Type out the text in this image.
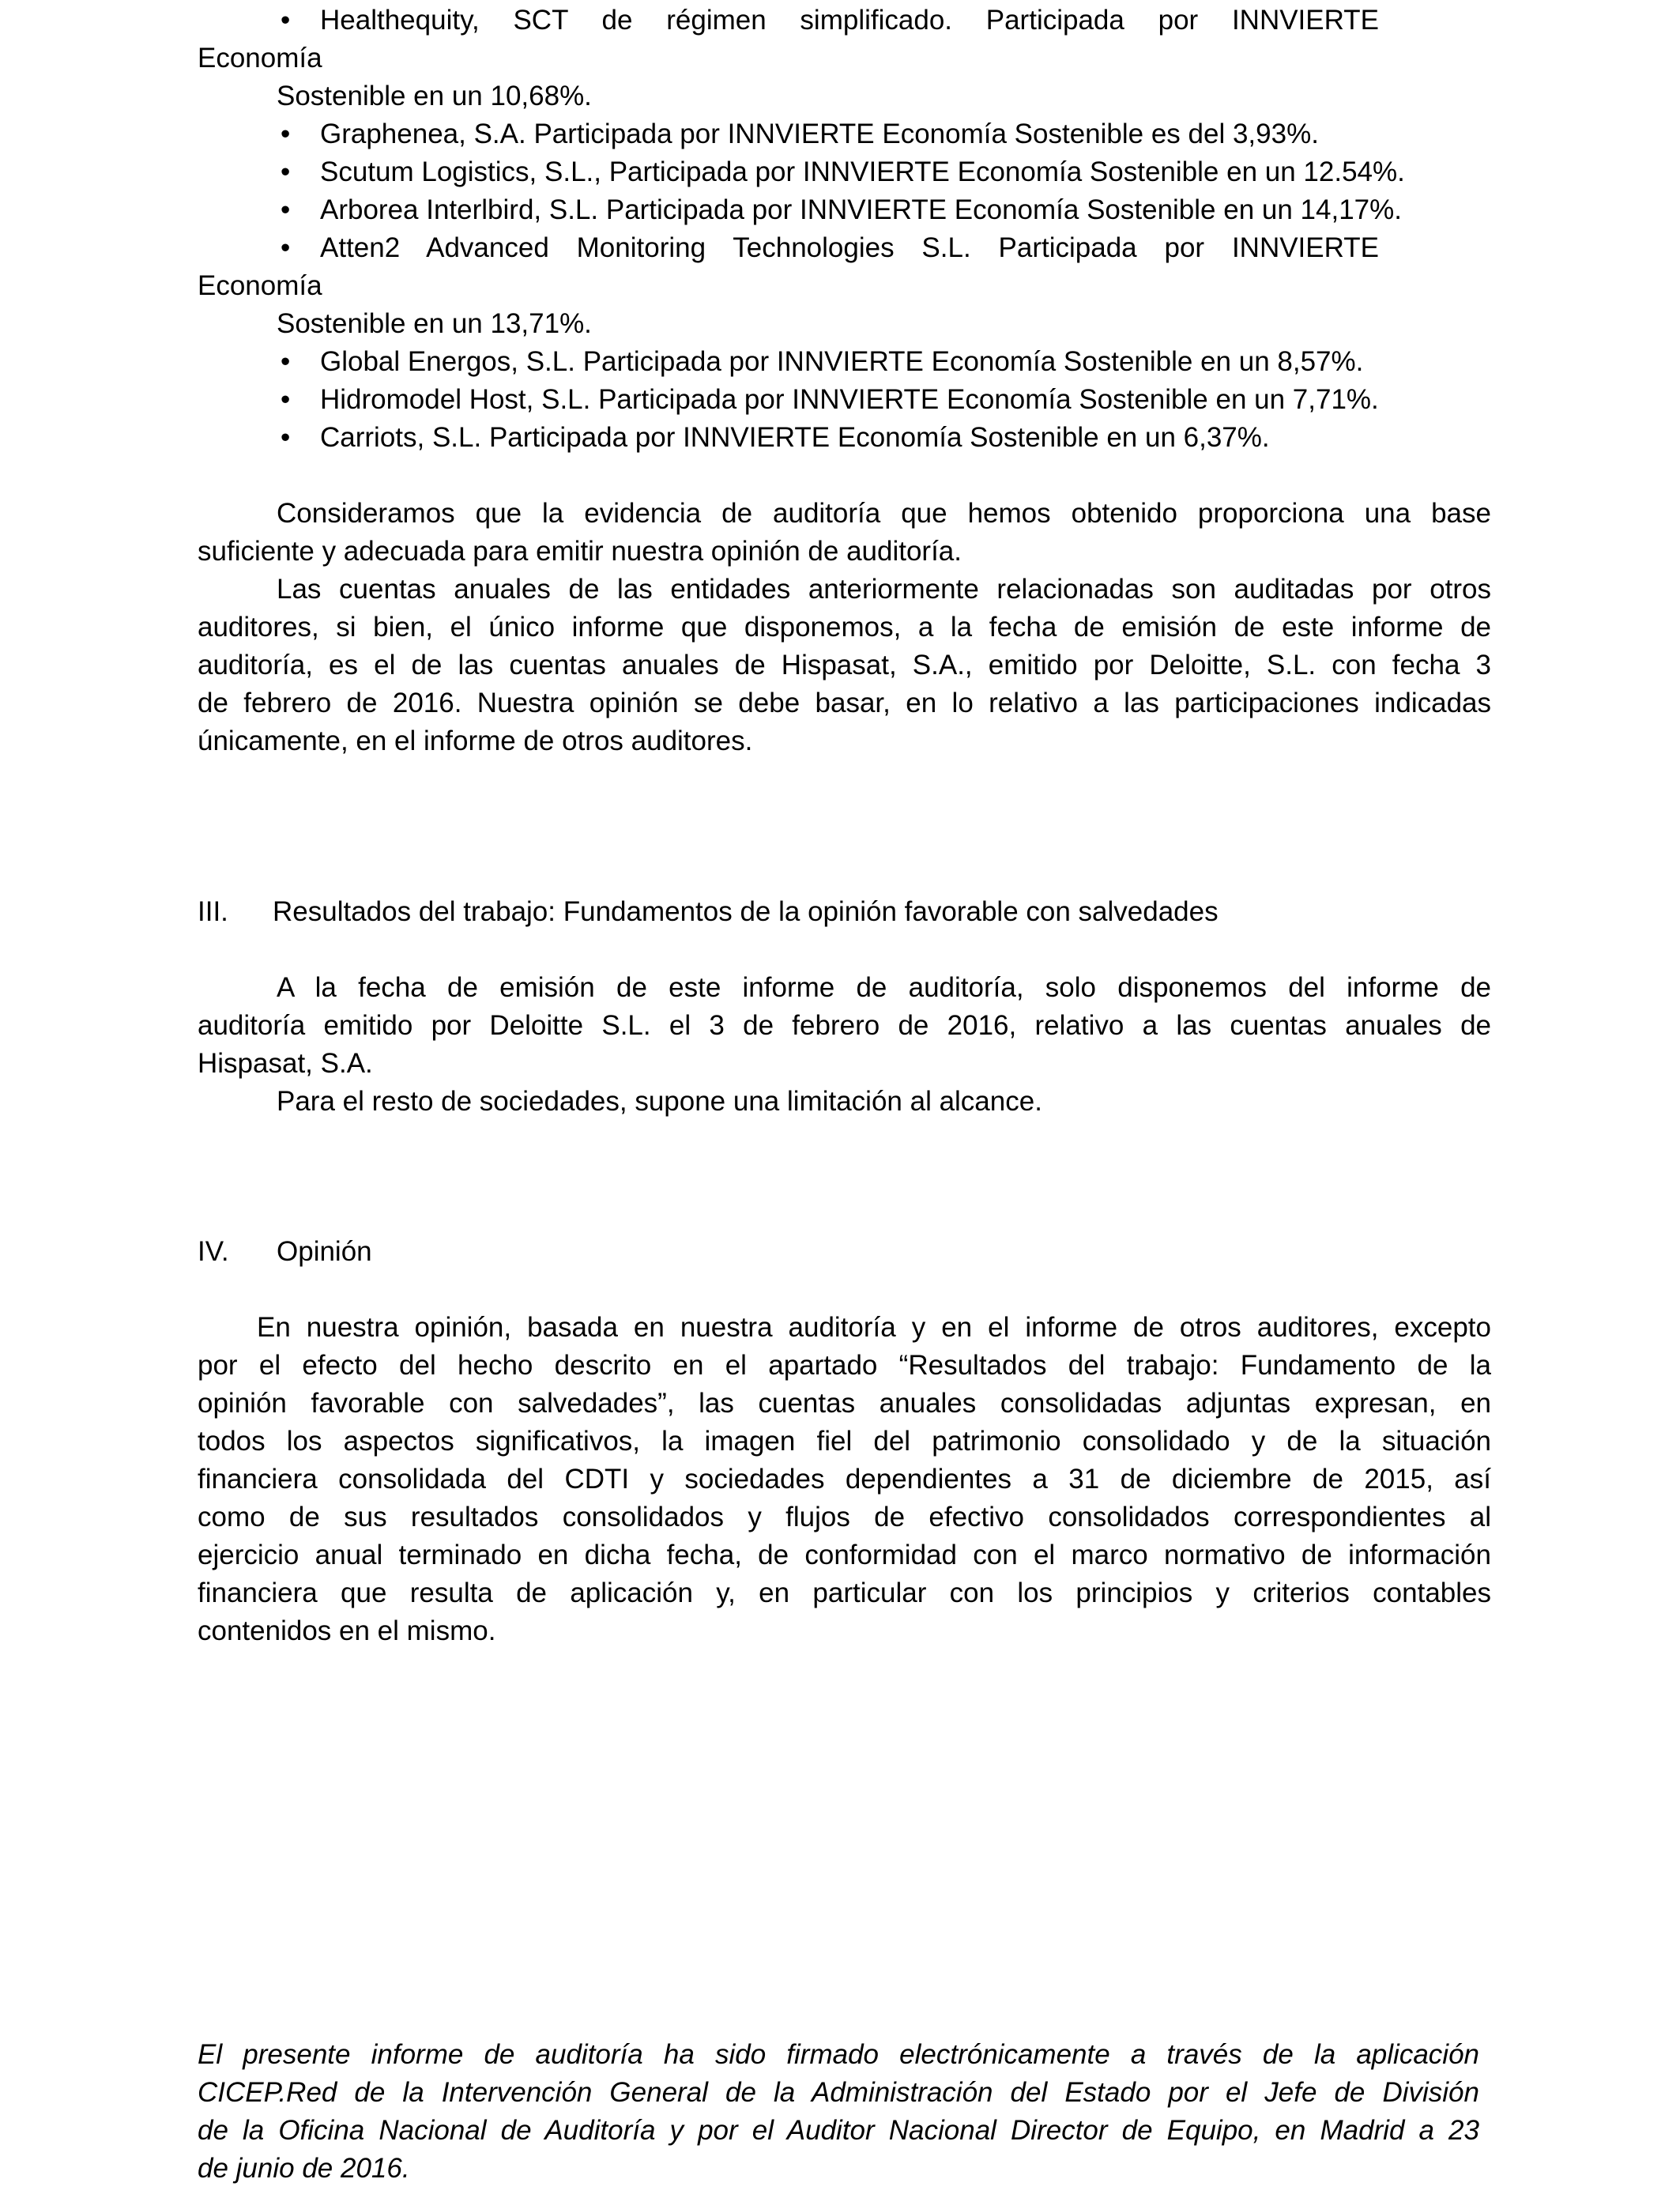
• Healthequity, SCT de régimen simplificado. Participada por INNVIERTE
Economía
Sostenible en un 10,68%.
• Graphenea, S.A. Participada por INNVIERTE Economía Sostenible es del 3,93%.
• Scutum Logistics, S.L., Participada por INNVIERTE Economía Sostenible en un 12.54%.
• Arborea Interlbird, S.L. Participada por INNVIERTE Economía Sostenible en un 14,17%.
• Atten2 Advanced Monitoring Technologies S.L. Participada por INNVIERTE
Economía
Sostenible en un 13,71%.
• Global Energos, S.L. Participada por INNVIERTE Economía Sostenible en un 8,57%.
• Hidromodel Host, S.L. Participada por INNVIERTE Economía Sostenible en un 7,71%.
• Carriots, S.L. Participada por INNVIERTE Economía Sostenible en un 6,37%.
Consideramos que la evidencia de auditoría que hemos obtenido proporciona una base
suficiente y adecuada para emitir nuestra opinión de auditoría.
Las cuentas anuales de las entidades anteriormente relacionadas son auditadas por otros
auditores, si bien, el único informe que disponemos, a la fecha de emisión de este informe de
auditoría, es el de las cuentas anuales de Hispasat, S.A., emitido por Deloitte, S.L. con fecha 3
de febrero de 2016. Nuestra opinión se debe basar, en lo relativo a las participaciones indicadas
únicamente, en el informe de otros auditores.
III. Resultados del trabajo: Fundamentos de la opinión favorable con salvedades
A la fecha de emisión de este informe de auditoría, solo disponemos del informe de
auditoría emitido por Deloitte S.L. el 3 de febrero de 2016, relativo a las cuentas anuales de
Hispasat, S.A.
Para el resto de sociedades, supone una limitación al alcance.
IV. Opinión
En nuestra opinión, basada en nuestra auditoría y en el informe de otros auditores, excepto
por el efecto del hecho descrito en el apartado “Resultados del trabajo: Fundamento de la
opinión favorable con salvedades”, las cuentas anuales consolidadas adjuntas expresan, en
todos los aspectos significativos, la imagen fiel del patrimonio consolidado y de la situación
financiera consolidada del CDTI y sociedades dependientes a 31 de diciembre de 2015, así
como de sus resultados consolidados y flujos de efectivo consolidados correspondientes al
ejercicio anual terminado en dicha fecha, de conformidad con el marco normativo de información
financiera que resulta de aplicación y, en particular con los principios y criterios contables
contenidos en el mismo.
El presente informe de auditoría ha sido firmado electrónicamente a través de la aplicación
CICEP.Red de la Intervención General de la Administración del Estado por el Jefe de División
de la Oficina Nacional de Auditoría y por el Auditor Nacional Director de Equipo, en Madrid a 23
de junio de 2016.
